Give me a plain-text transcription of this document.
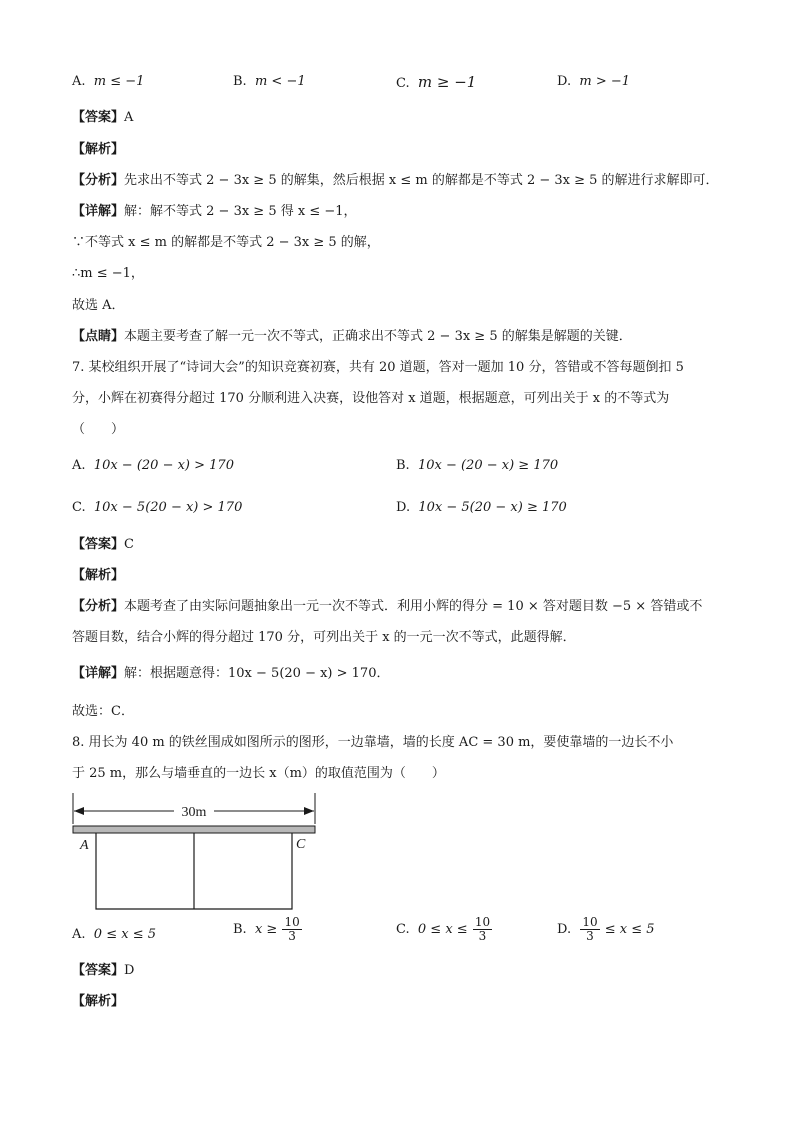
A. m ≤ −1	B. m < −1	C. m ≥ −1	D. m > −1
【答案】A
【解析】
【分析】先求出不等式 2 − 3x ≥ 5 的解集，然后根据 x ≤ m 的解都是不等式 2 − 3x ≥ 5 的解进行求解即可．
【详解】解：解不等式 2 − 3x ≥ 5 得 x ≤ −1，
∵不等式 x ≤ m 的解都是不等式 2 − 3x ≥ 5 的解，
∴m ≤ −1，
故选 A．
【点睛】本题主要考查了解一元一次不等式，正确求出不等式 2 − 3x ≥ 5 的解集是解题的关键．
7. 某校组织开展了“诗词大会”的知识竞赛初赛，共有 20 道题，答对一题加 10 分，答错或不答每题倒扣 5
分，小辉在初赛得分超过 170 分顺利进入决赛，设他答对 x 道题，根据题意，可列出关于 x 的不等式为
（　　）
A. 10x − (20 − x) > 170	B. 10x − (20 − x) ≥ 170
C. 10x − 5(20 − x) > 170	D. 10x − 5(20 − x) ≥ 170
【答案】C
【解析】
【分析】本题考查了由实际问题抽象出一元一次不等式．利用小辉的得分 = 10 × 答对题目数 −5 × 答错或不
答题目数，结合小辉的得分超过 170 分，可列出关于 x 的一元一次不等式，此题得解．
【详解】解：根据题意得：10x − 5(20 − x) > 170．
故选：C．
8. 用长为 40 m 的铁丝围成如图所示的图形，一边靠墙，墙的长度 AC = 30 m，要使靠墙的一边长不小
于 25 m，那么与墙垂直的一边长 x（m）的取值范围为（　　）
30m
A	C
A. 0 ≤ x ≤ 5	B. $x \ge \frac{10}{3}$	C. $0 \le x \le \frac{10}{3}$	D. $\frac{10}{3} \le x \le 5$
【答案】D
【解析】
